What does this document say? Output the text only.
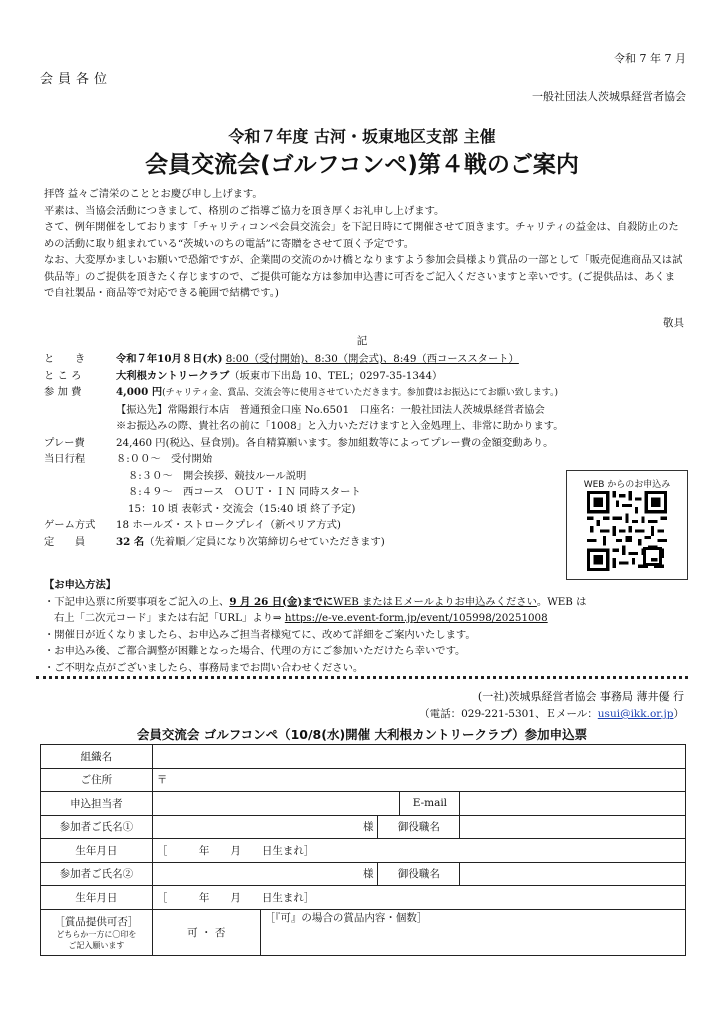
令和 7 年 7 月
会員各位
一般社団法人茨城県経営者協会
令和７年度 古河・坂東地区支部 主催
会員交流会(ゴルフコンペ)第４戦のご案内

拝啓 益々ご清栄のこととお慶び申し上げます。

平素は、当協会活動につきまして、格別のご指導ご協力を頂き厚くお礼申し上げます。

さて、例年開催をしております「チャリティコンペ会員交流会」を下記日時にて開催させて頂きます。チャリティの益金は、自殺防止のための活動に取り組まれている“茨城いのちの電話”に寄贈をさせて頂く予定です。

なお、大変厚かましいお願いで恐縮ですが、企業間の交流のかけ橋となりますよう参加会員様より賞品の一部として「販売促進商品又は試供品等」のご提供を頂きたく存じますので、ご提供可能な方は参加申込書に可否をご記入くださいますと幸いです。(ご提供品は、あくまで自社製品・商品等で対応できる範囲で結構です。)

敬具
記
と　　き	令和７年10月８日(水) 8:00（受付開始)、8:30（開会式)、8:49（西コーススタート）
と こ ろ	大利根カントリークラブ（坂東市下出島 10、TEL；0297-35-1344）
参 加 費	4,000 円(チャリティ金、賞品、交流会等に使用させていただきます。参加費はお振込にてお願い致します。)
【振込先】常陽銀行本店　普通預金口座 No.6501　口座名：一般社団法人茨城県経営者協会
※お振込みの際、貴社名の前に「1008」と入力いただけますと入金処理上、非常に助かります。
プレー費	24,460 円(税込、昼食別)。各自精算願います。参加組数等によってプレー費の金額変動あり。
当日行程	８:００～　受付開始
８:３０～　開会挨拶、競技ルール説明
８:４９～　西コース　ＯＵＴ・ＩＮ 同時スタート
15：10 頃 表彰式・交流会（15:40 頃 終了予定)
ゲーム方式	18 ホールズ・ストロークプレイ（新ペリア方式)
定　　員	32 名（先着順／定員になり次第締切らせていただきます)
WEB からのお申込み
【お申込方法】
・下記申込票に所要事項をご記入の上、9 月 26 日(金)までにWEB またはＥメールよりお申込みください。WEB は
右上「二次元コード」または右記「URL」より⇒ https://e-ve.event-form.jp/event/105998/20251008
・開催日が近くなりましたら、お申込みご担当者様宛てに、改めて詳細をご案内いたします。
・お申込み後、ご都合調整が困難となった場合、代理の方にご参加いただけたら幸いです。
・ご不明な点がございましたら、事務局までお問い合わせください。
(一社)茨城県経営者協会 事務局 薄井優 行
（電話：029-221-5301、Ｅメール：usui@ikk.or.jp）
会員交流会 ゴルフコンペ（10/8(水)開催 大利根カントリークラブ）参加申込票
組織名					
ご住所	〒				
申込担当者				E-mail	
参加者ご氏名①	様		御役職名		
生年月日	［　　　年　　月　　日生まれ］				
参加者ご氏名②	様		御役職名		
生年月日	［　　　年　　月　　日生まれ］				

［賞品提供可否］
どちらか一方に〇印を
ご記入願います	可 ・ 否	［『可』の場合の賞品内容・個数］			
